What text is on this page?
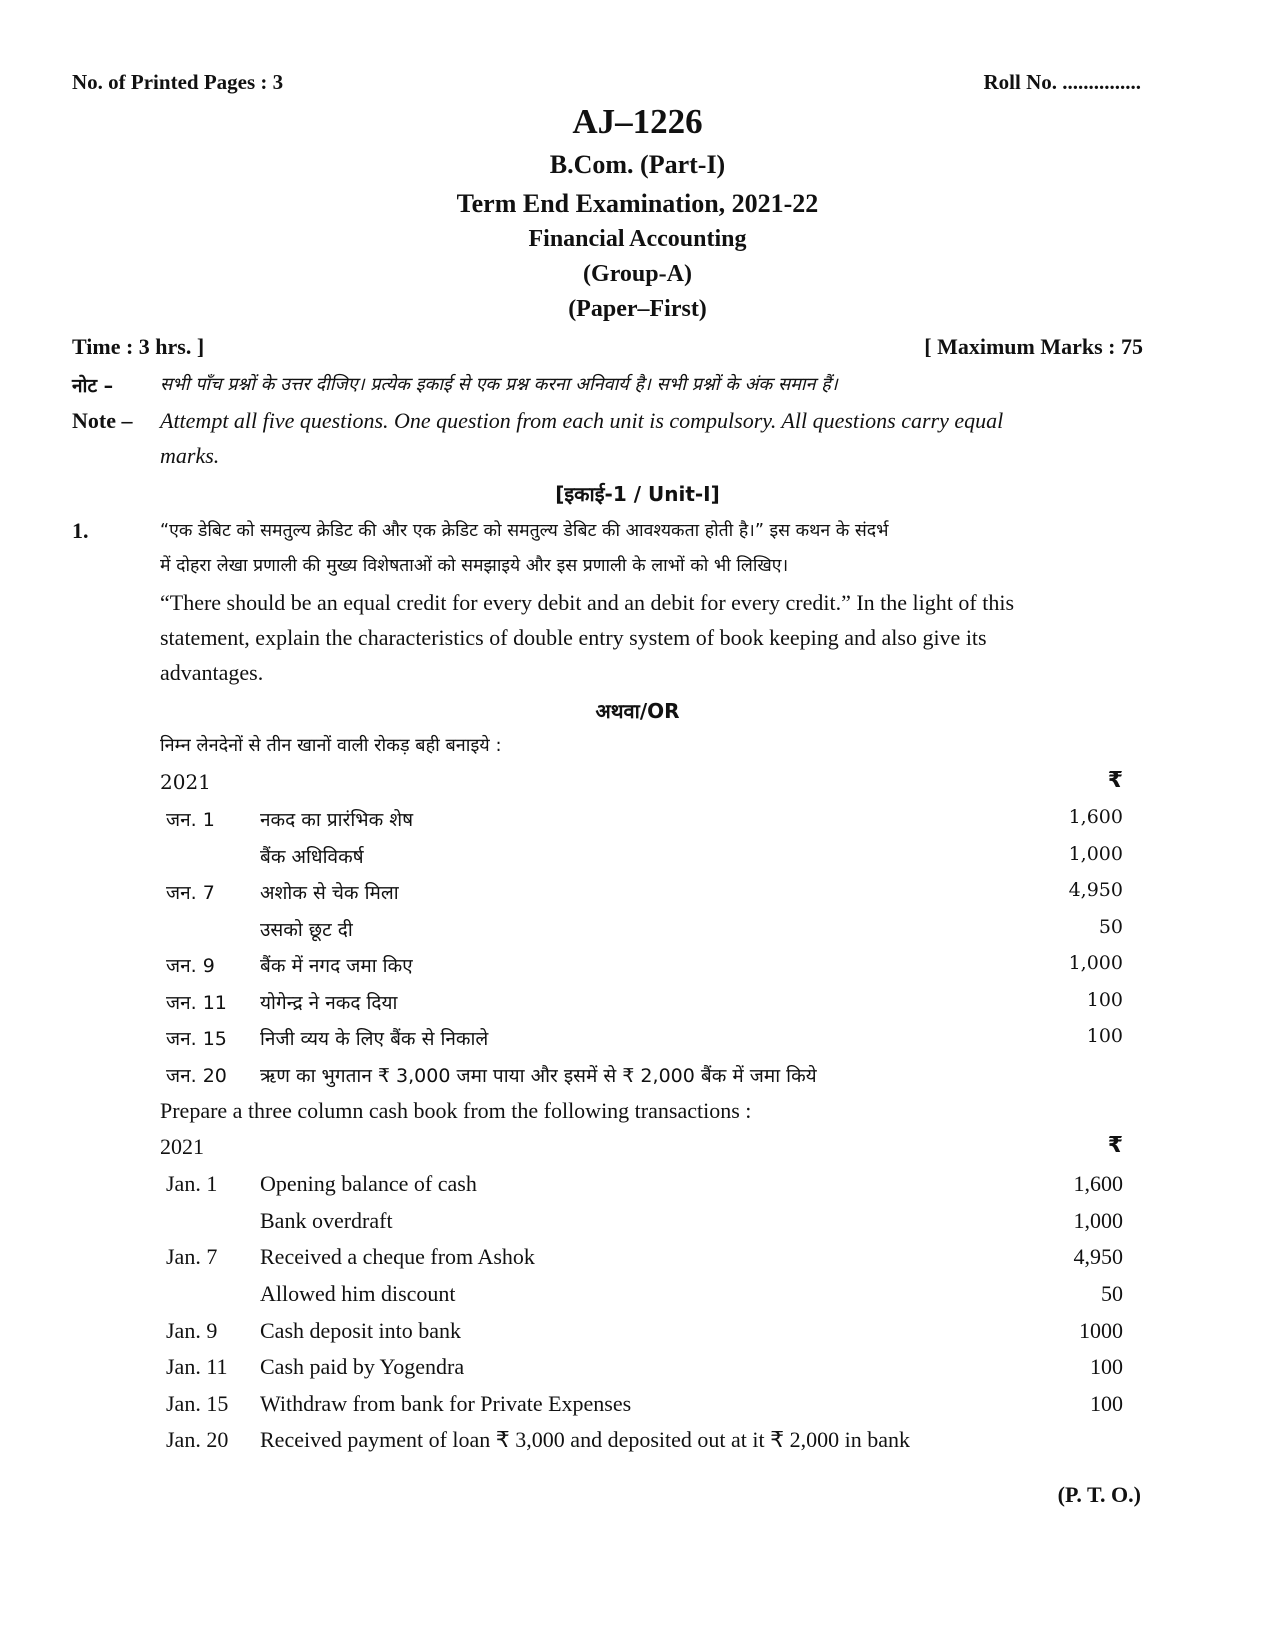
No. of Printed Pages : 3	Roll No. ...............
AJ–1226
B.Com. (Part-I)
Term End Examination, 2021-22
Financial Accounting
(Group-A)
(Paper–First)
Time : 3 hrs. ]	[ Maximum Marks : 75
नोट –	सभी पाँच प्रश्नों के उत्तर दीजिए। प्रत्येक इकाई से एक प्रश्न करना अनिवार्य है। सभी प्रश्नों के अंक समान हैं।
Note – Attempt all five questions. One question from each unit is compulsory. All questions carry equal
marks.
[इकाई-1 / Unit-I]
1.	“एक डेबिट को समतुल्य क्रेडिट की और एक क्रेडिट को समतुल्य डेबिट की आवश्यकता होती है।” इस कथन के संदर्भ
में दोहरा लेखा प्रणाली की मुख्य विशेषताओं को समझाइये और इस प्रणाली के लाभों को भी लिखिए।
“There should be an equal credit for every debit and an debit for every credit.” In the light of this
statement, explain the characteristics of double entry system of book keeping and also give its
advantages.
अथवा/OR
निम्न लेनदेनों से तीन खानों वाली रोकड़ बही बनाइये :
2021	₹
जन. 1 नकद का प्रारंभिक शेष	1,600
बैंक अधिविकर्ष	1,000
जन. 7 अशोक से चेक मिला	4,950
उसको छूट दी	50
जन. 9 बैंक में नगद जमा किए	1,000
जन. 11 योगेन्द्र ने नकद दिया	100
जन. 15 निजी व्यय के लिए बैंक से निकाले	100
जन. 20 ऋण का भुगतान ₹ 3,000 जमा पाया और इसमें से ₹ 2,000 बैंक में जमा किये
Prepare a three column cash book from the following transactions :
2021	₹
Jan. 1 Opening balance of cash	1,600
Bank overdraft	1,000
Jan. 7 Received a cheque from Ashok	4,950
Allowed him discount	50
Jan. 9 Cash deposit into bank	1000
Jan. 11 Cash paid by Yogendra	100
Jan. 15 Withdraw from bank for Private Expenses	100
Jan. 20 Received payment of loan ₹ 3,000 and deposited out at it ₹ 2,000 in bank
(P. T. O.)
